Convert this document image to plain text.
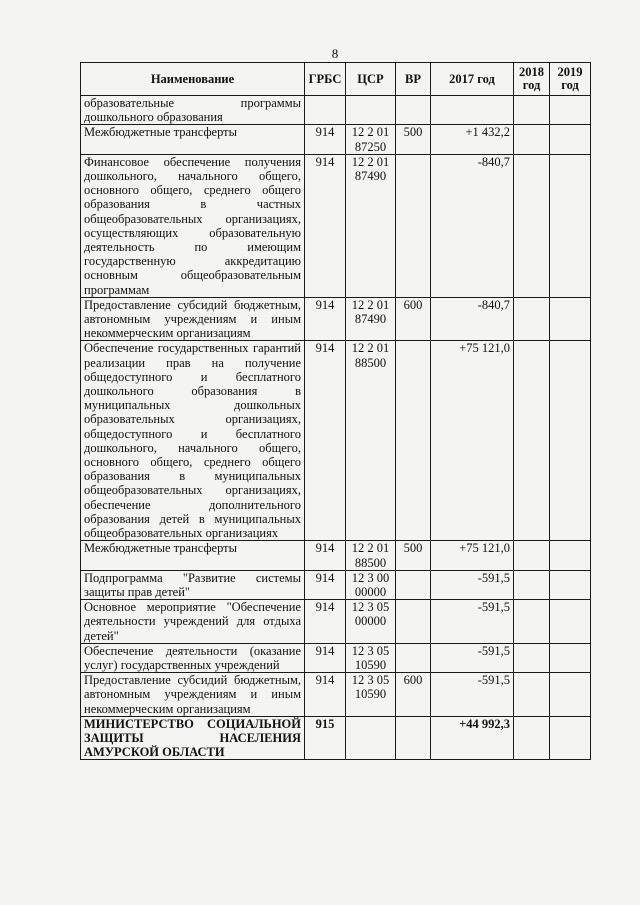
8
Наименование	ГРБС	ЦСР	ВР	2017 год	2018 год	2019 год
образовательные программы дошкольного образования						
Межбюджетные трансферты	914	12 2 01 87250	500	+1 432,2		
Финансовое обеспечение получения дошкольного, начального общего, основного общего, среднего общего образования в частных общеобразовательных организациях, осуществляющих образовательную деятельность по имеющим государственную аккредитацию основным общеобразовательным программам	914	12 2 01 87490		-840,7		
Предоставление субсидий бюджетным, автономным учреждениям и иным некоммерческим организациям	914	12 2 01 87490	600	-840,7		
Обеспечение государственных гарантий реализации прав на получение общедоступного и бесплатного дошкольного образования в муниципальных дошкольных образовательных организациях, общедоступного и бесплатного дошкольного, начального общего, основного общего, среднего общего образования в муниципальных общеобразовательных организациях, обеспечение дополнительного образования детей в муниципальных общеобразовательных организациях	914	12 2 01 88500		+75 121,0		
Межбюджетные трансферты	914	12 2 01 88500	500	+75 121,0		
Подпрограмма "Развитие системы защиты прав детей"	914	12 3 00 00000		-591,5		
Основное мероприятие "Обеспечение деятельности учреждений для отдыха детей"	914	12 3 05 00000		-591,5		
Обеспечение деятельности (оказание услуг) государственных учреждений	914	12 3 05 10590		-591,5		
Предоставление субсидий бюджетным, автономным учреждениям и иным некоммерческим организациям	914	12 3 05 10590	600	-591,5		
МИНИСТЕРСТВО СОЦИАЛЬНОЙ ЗАЩИТЫ НАСЕЛЕНИЯ АМУРСКОЙ ОБЛАСТИ	915			+44 992,3		
